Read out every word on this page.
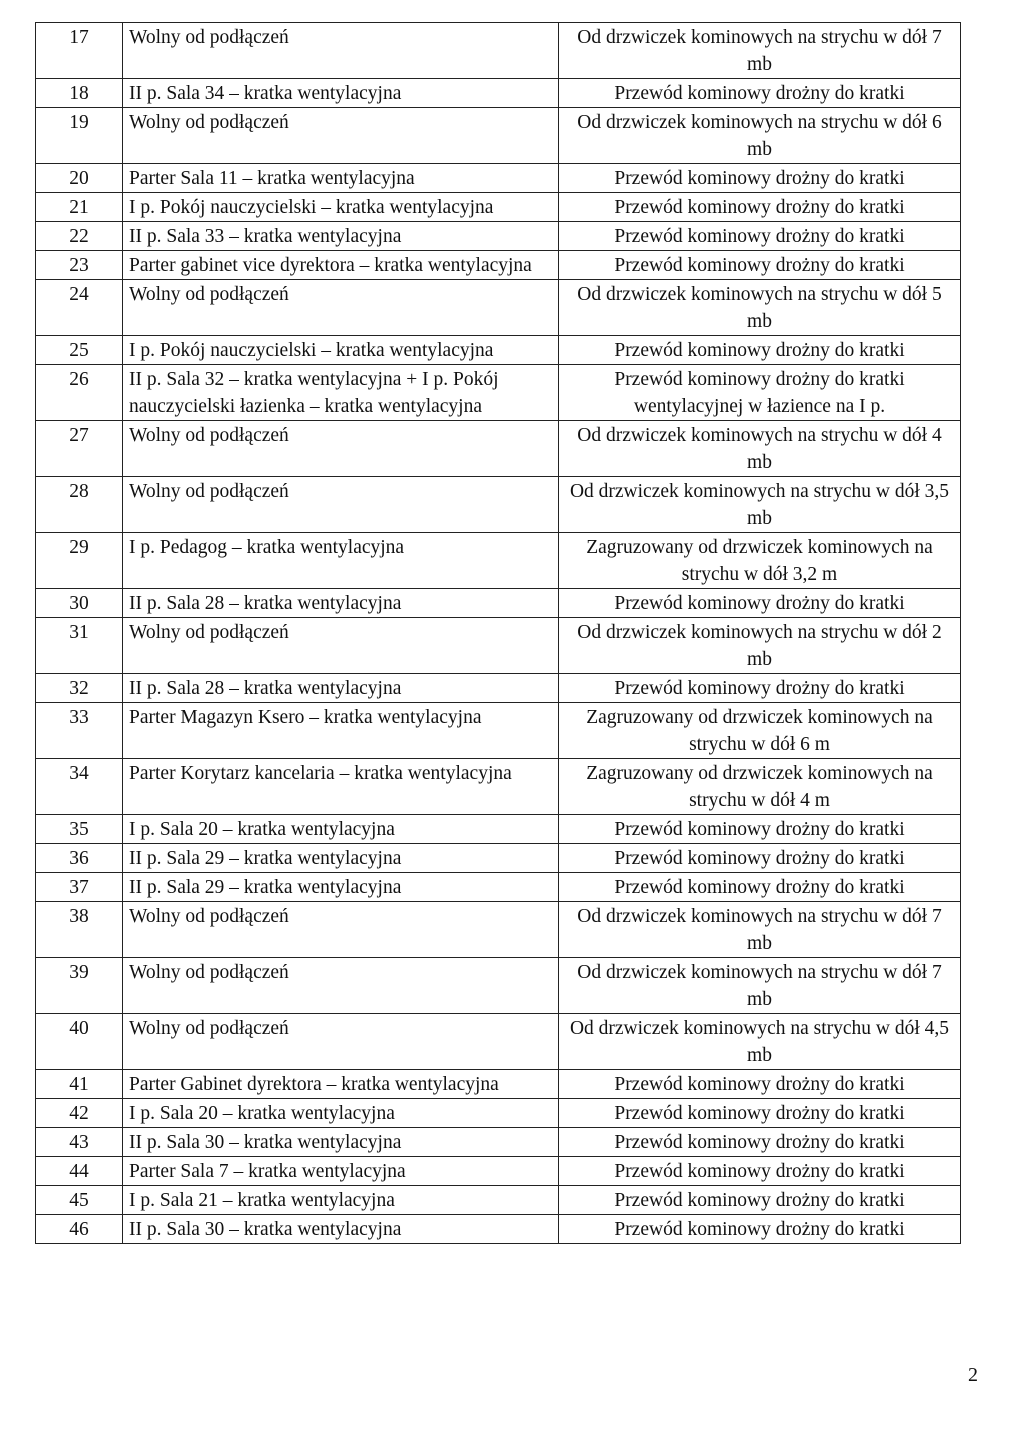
17	Wolny od podłączeń	Od drzwiczek kominowych na strychu w dół 7 mb
18	II p. Sala 34 – kratka wentylacyjna	Przewód kominowy drożny do kratki
19	Wolny od podłączeń	Od drzwiczek kominowych na strychu w dół 6 mb
20	Parter Sala 11 – kratka wentylacyjna	Przewód kominowy drożny do kratki
21	I p. Pokój nauczycielski – kratka wentylacyjna	Przewód kominowy drożny do kratki
22	II p. Sala 33 – kratka wentylacyjna	Przewód kominowy drożny do kratki
23	Parter gabinet vice dyrektora – kratka wentylacyjna	Przewód kominowy drożny do kratki
24	Wolny od podłączeń	Od drzwiczek kominowych na strychu w dół 5 mb
25	I p. Pokój nauczycielski – kratka wentylacyjna	Przewód kominowy drożny do kratki
26	II p. Sala 32 – kratka wentylacyjna + I p. Pokój nauczycielski łazienka – kratka wentylacyjna	Przewód kominowy drożny do kratki wentylacyjnej w łazience na I p.
27	Wolny od podłączeń	Od drzwiczek kominowych na strychu w dół 4 mb
28	Wolny od podłączeń	Od drzwiczek kominowych na strychu w dół 3,5 mb
29	I p. Pedagog – kratka wentylacyjna	Zagruzowany od drzwiczek kominowych na strychu w dół 3,2 m
30	II p. Sala 28 – kratka wentylacyjna	Przewód kominowy drożny do kratki
31	Wolny od podłączeń	Od drzwiczek kominowych na strychu w dół 2 mb
32	II p. Sala 28 – kratka wentylacyjna	Przewód kominowy drożny do kratki
33	Parter Magazyn Ksero – kratka wentylacyjna	Zagruzowany od drzwiczek kominowych na strychu w dół 6 m
34	Parter Korytarz kancelaria – kratka wentylacyjna	Zagruzowany od drzwiczek kominowych na strychu w dół 4 m
35	I p. Sala 20 – kratka wentylacyjna	Przewód kominowy drożny do kratki
36	II p. Sala 29 – kratka wentylacyjna	Przewód kominowy drożny do kratki
37	II p. Sala 29 – kratka wentylacyjna	Przewód kominowy drożny do kratki
38	Wolny od podłączeń	Od drzwiczek kominowych na strychu w dół 7 mb
39	Wolny od podłączeń	Od drzwiczek kominowych na strychu w dół 7 mb
40	Wolny od podłączeń	Od drzwiczek kominowych na strychu w dół 4,5 mb
41	Parter Gabinet dyrektora – kratka wentylacyjna	Przewód kominowy drożny do kratki
42	I p. Sala 20 – kratka wentylacyjna	Przewód kominowy drożny do kratki
43	II p. Sala 30 – kratka wentylacyjna	Przewód kominowy drożny do kratki
44	Parter Sala 7 – kratka wentylacyjna	Przewód kominowy drożny do kratki
45	I p. Sala 21 – kratka wentylacyjna	Przewód kominowy drożny do kratki
46	II p. Sala 30 – kratka wentylacyjna	Przewód kominowy drożny do kratki
2
